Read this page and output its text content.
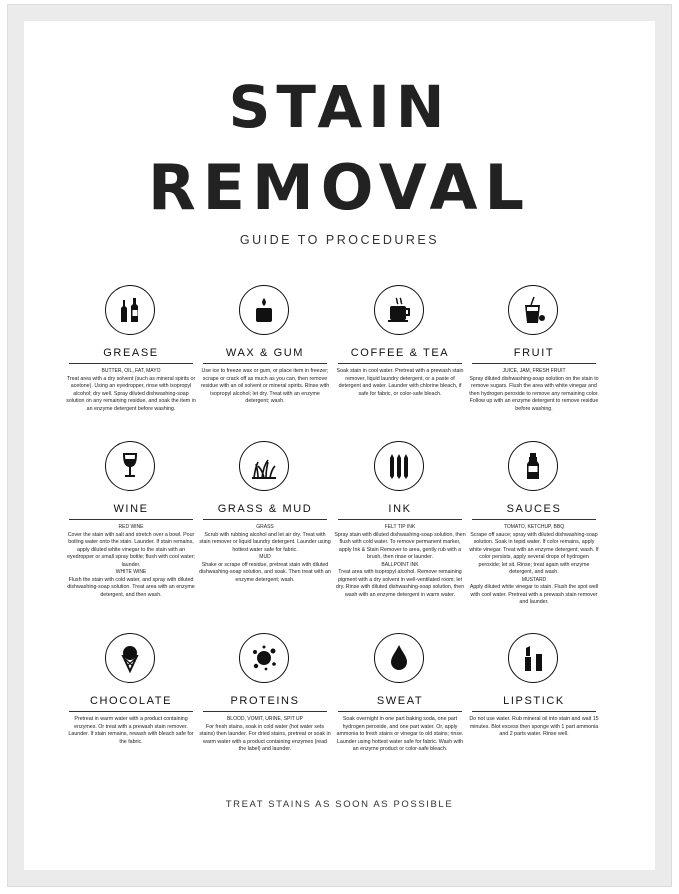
STAIN
REMOVAL
GUIDE TO PROCEDURES
GREASE

BUTTER, OIL, FAT, MAYO

Treat area with a dry solvent (such as mineral spirits or acetone). Using an eyedropper, rinse with isopropyl alcohol; dry well. Spray diluted dishwashing-soap solution on any remaining residue, and soak the item in an enzyme detergent before washing.

WAX & GUM

Use ice to freeze wax or gum, or place item in freezer; scrape or crack off as much as you can, then remove residue with an oil solvent or mineral spirits. Rinse with isopropyl alcohol; let dry. Treat with an enzyme detergent; wash.

COFFEE & TEA

Soak stain in cool water. Pretreat with a prewash stain remover, liquid laundry detergent, or a paste of detergent and water. Launder with chlorine bleach, if safe for fabric, or color-safe bleach.

FRUIT

JUICE, JAM, FRESH FRUIT

Spray diluted dishwashing-soap solution on the stain to remove sugars. Flush the area with white vinegar and then hydrogen peroxide to remove any remaining color. Follow up with an enzyme detergent to remove residue before washing.

WINE

RED WINE

Cover the stain with salt and stretch over a bowl. Pour boiling water onto the stain. Launder. If stain remains, apply diluted white vinegar to the stain with an eyedropper or small spray bottle; flush with cool water; launder.

WHITE WINE

Flush the stain with cold water, and spray with diluted dishwashing-soap solution. Treat area with an enzyme detergent, and then wash.

GRASS & MUD

GRASS

Scrub with rubbing alcohol and let air dry. Treat with stain remover or liquid laundry detergent. Launder using hottest water safe for fabric.

MUD

Shake or scrape off residue, pretreat stain with diluted dishwashing-soap solution, and soak. Then treat with an enzyme detergent; wash.

INK

FELT TIP INK

Spray stain with diluted dishwashing-soap solution, then flush with cold water. To remove permanent marker, apply Ink & Stain Remover to area, gently rub with a brush, then rinse or launder.

BALLPOINT INK

Treat area with isopropyl alcohol. Remove remaining pigment with a dry solvent in well-ventilated room; let dry. Rinse with diluted dishwashing-soap solution, then wash with an enzyme detergent in warm water.

SAUCES

TOMATO, KETCHUP, BBQ

Scrape off sauce; spray with diluted dishwashing-soap solution. Soak in tepid water. If color remains, apply white vinegar. Treat with an enzyme detergent; wash. If color persists, apply several drops of hydrogen peroxide; let sit. Rinse; treat again with enzyme detergent, and wash.

MUSTARD

Apply diluted white vinegar to stain. Flush the spot well with cool water. Pretreat with a prewash stain remover and launder.

CHOCOLATE

Pretreat in warm water with a product containing enzymes. Or treat with a prewash stain remover. Launder. If stain remains, rewash with bleach safe for the fabric.

PROTEINS

BLOOD, VOMIT, URINE, SPIT UP

For fresh stains, soak in cold water (hot water sets stains) then launder. For dried stains, pretreat or soak in warm water with a product containing enzymes (read the label) and launder.

SWEAT

Soak overnight in one part baking soda, one part hydrogen peroxide, and one part water. Or, apply ammonia to fresh stains or vinegar to old stains; rinse. Launder using hottest water safe for fabric. Wash with an enzyme product or color-safe bleach.

LIPSTICK

Do not use water. Rub mineral oil into stain and wait 15 minutes. Blot excess then sponge with 1 part ammonia and 2 parts water. Rinse well.

TREAT STAINS AS SOON AS POSSIBLE
